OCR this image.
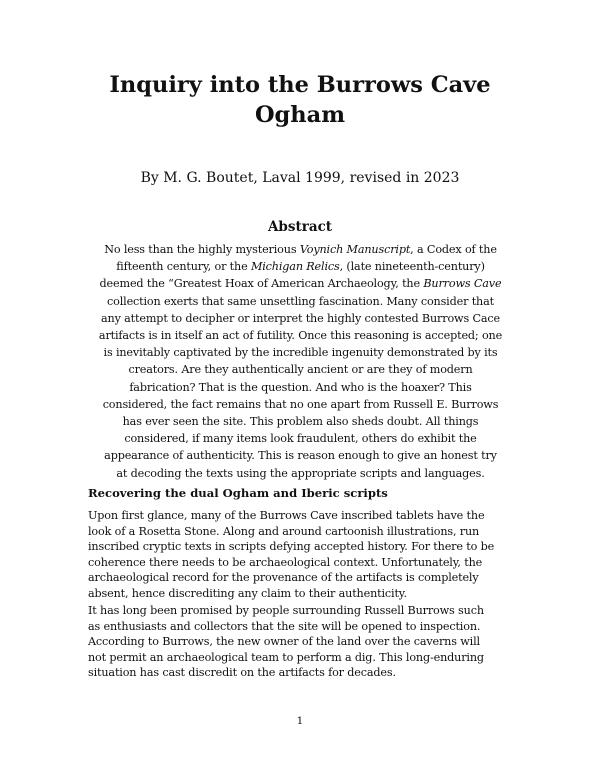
Inquiry into the Burrows Cave
Ogham
By M. G. Boutet, Laval 1999, revised in 2023
Abstract
No less than the highly mysterious Voynich Manuscript, a Codex of the
fifteenth century, or the Michigan Relics, (late nineteenth-century)
deemed the “Greatest Hoax of American Archaeology, the Burrows Cave
collection exerts that same unsettling fascination. Many consider that
any attempt to decipher or interpret the highly contested Burrows Cace
artifacts is in itself an act of futility. Once this reasoning is accepted; one
is inevitably captivated by the incredible ingenuity demonstrated by its
creators. Are they authentically ancient or are they of modern
fabrication? That is the question. And who is the hoaxer? This
considered, the fact remains that no one apart from Russell E. Burrows
has ever seen the site. This problem also sheds doubt. All things
considered, if many items look fraudulent, others do exhibit the
appearance of authenticity. This is reason enough to give an honest try
at decoding the texts using the appropriate scripts and languages.
Recovering the dual Ogham and Iberic scripts
Upon first glance, many of the Burrows Cave inscribed tablets have the
look of a Rosetta Stone. Along and around cartoonish illustrations, run
inscribed cryptic texts in scripts defying accepted history. For there to be
coherence there needs to be archaeological context. Unfortunately, the
archaeological record for the provenance of the artifacts is completely
absent, hence discrediting any claim to their authenticity.
It has long been promised by people surrounding Russell Burrows such
as enthusiasts and collectors that the site will be opened to inspection.
According to Burrows, the new owner of the land over the caverns will
not permit an archaeological team to perform a dig. This long-enduring
situation has cast discredit on the artifacts for decades.
1
